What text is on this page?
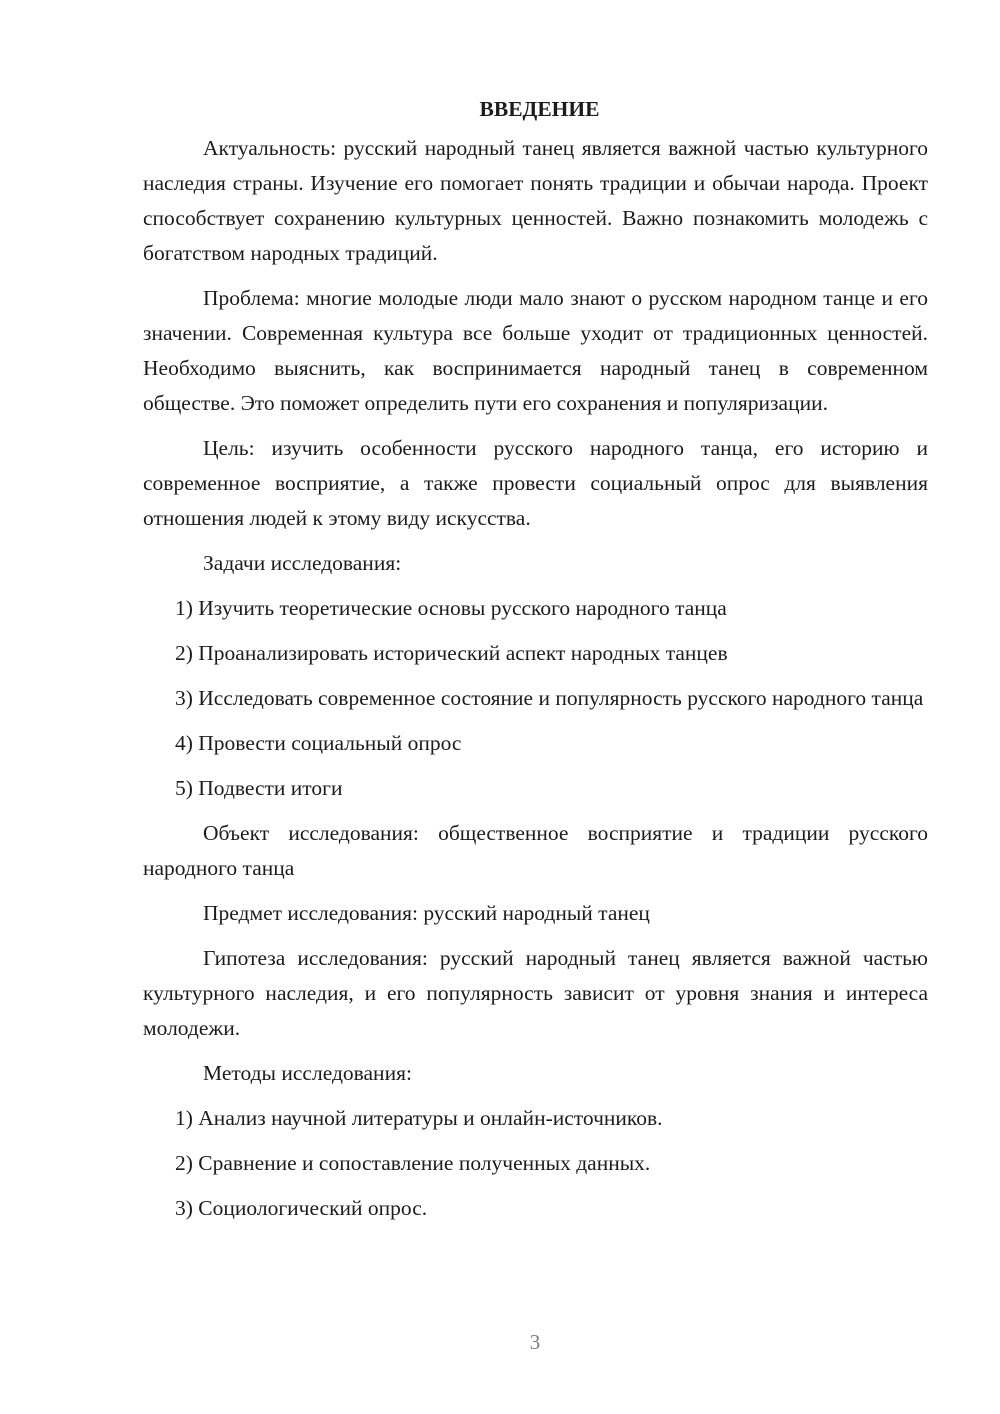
ВВЕДЕНИЕ

Актуальность: русский народный танец является важной частью культурного наследия страны. Изучение его помогает понять традиции и обычаи народа. Проект способствует сохранению культурных ценностей. Важно познакомить молодежь с богатством народных традиций.

Проблема: многие молодые люди мало знают о русском народном танце и его значении. Современная культура все больше уходит от традиционных ценностей. Необходимо выяснить, как воспринимается народный танец в современном обществе. Это поможет определить пути его сохранения и популяризации.

Цель: изучить особенности русского народного танца, его историю и современное восприятие, а также провести социальный опрос для выявления отношения людей к этому виду искусства.

Задачи исследования:

1) Изучить теоретические основы русского народного танца

2) Проанализировать исторический аспект народных танцев

3) Исследовать современное состояние и популярность русского народного танца

4) Провести социальный опрос

5) Подвести итоги

Объект исследования: общественное восприятие и традиции русского народного танца

Предмет исследования: русский народный танец

Гипотеза исследования: русский народный танец является важной частью культурного наследия, и его популярность зависит от уровня знания и интереса молодежи.

Методы исследования:

1) Анализ научной литературы и онлайн-источников.

2) Сравнение и сопоставление полученных данных.

3) Социологический опрос.

3
